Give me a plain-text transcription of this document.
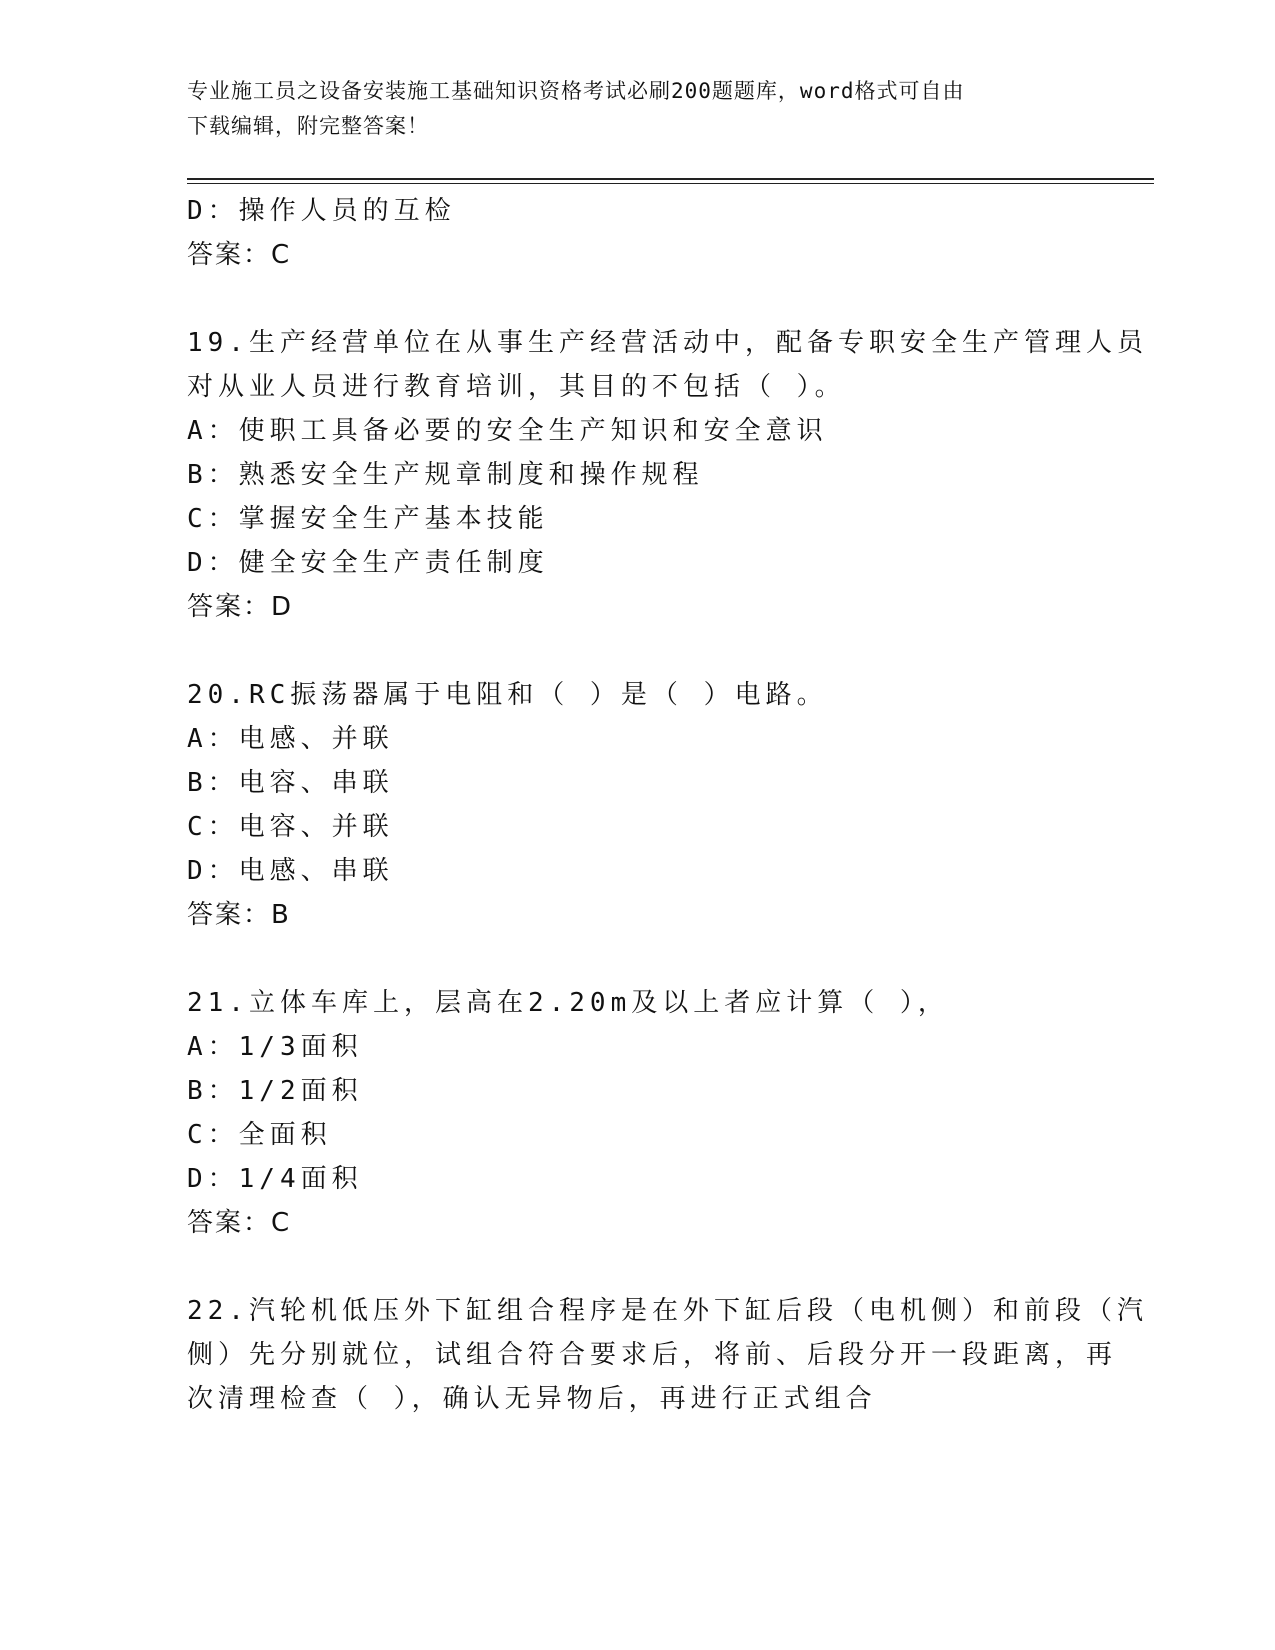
专业施工员之设备安装施工基础知识资格考试必刷200题题库，word格式可自由
下载编辑，附完整答案！
D：操作人员的互检
答案：C
19.生产经营单位在从事生产经营活动中，配备专职安全生产管理人员
对从业人员进行教育培训，其目的不包括（ ）。
A：使职工具备必要的安全生产知识和安全意识
B：熟悉安全生产规章制度和操作规程
C：掌握安全生产基本技能
D：健全安全生产责任制度
答案：D
20.RC振荡器属于电阻和（ ）是（ ）电路。
A：电感、并联
B：电容、串联
C：电容、并联
D：电感、串联
答案：B
21.立体车库上，层高在2.20m及以上者应计算（ ），
A：1/3面积
B：1/2面积
C：全面积
D：1/4面积
答案：C
22.汽轮机低压外下缸组合程序是在外下缸后段（电机侧）和前段（汽
侧）先分别就位，试组合符合要求后，将前、后段分开一段距离，再
次清理检查（ ），确认无异物后，再进行正式组合
